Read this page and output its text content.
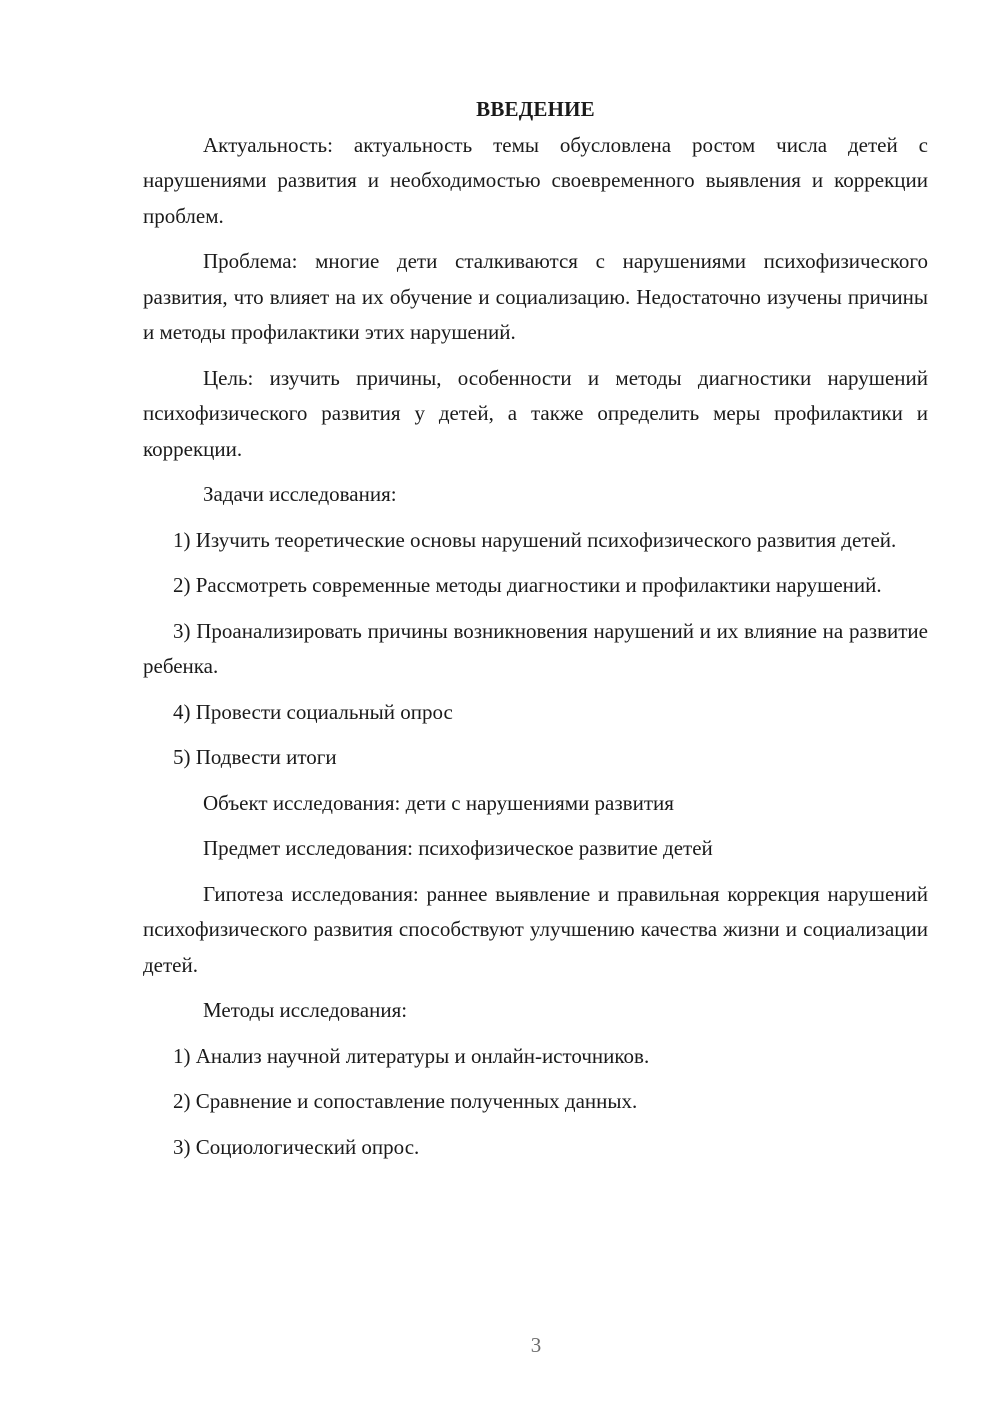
ВВЕДЕНИЕ

Актуальность: актуальность темы обусловлена ростом числа детей с нарушениями развития и необходимостью своевременного выявления и коррекции проблем.

Проблема: многие дети сталкиваются с нарушениями психофизического развития, что влияет на их обучение и социализацию. Недостаточно изучены причины и методы профилактики этих нарушений.

Цель: изучить причины, особенности и методы диагностики нарушений психофизического развития у детей, а также определить меры профилактики и коррекции.

Задачи исследования:

1) Изучить теоретические основы нарушений психофизического развития детей.

2) Рассмотреть современные методы диагностики и профилактики нарушений.

3) Проанализировать причины возникновения нарушений и их влияние на развитие ребенка.

4) Провести социальный опрос

5) Подвести итоги

Объект исследования: дети с нарушениями развития

Предмет исследования: психофизическое развитие детей

Гипотеза исследования: раннее выявление и правильная коррекция нарушений психофизического развития способствуют улучшению качества жизни и социализации детей.

Методы исследования:

1) Анализ научной литературы и онлайн-источников.

2) Сравнение и сопоставление полученных данных.

3) Социологический опрос.

3
